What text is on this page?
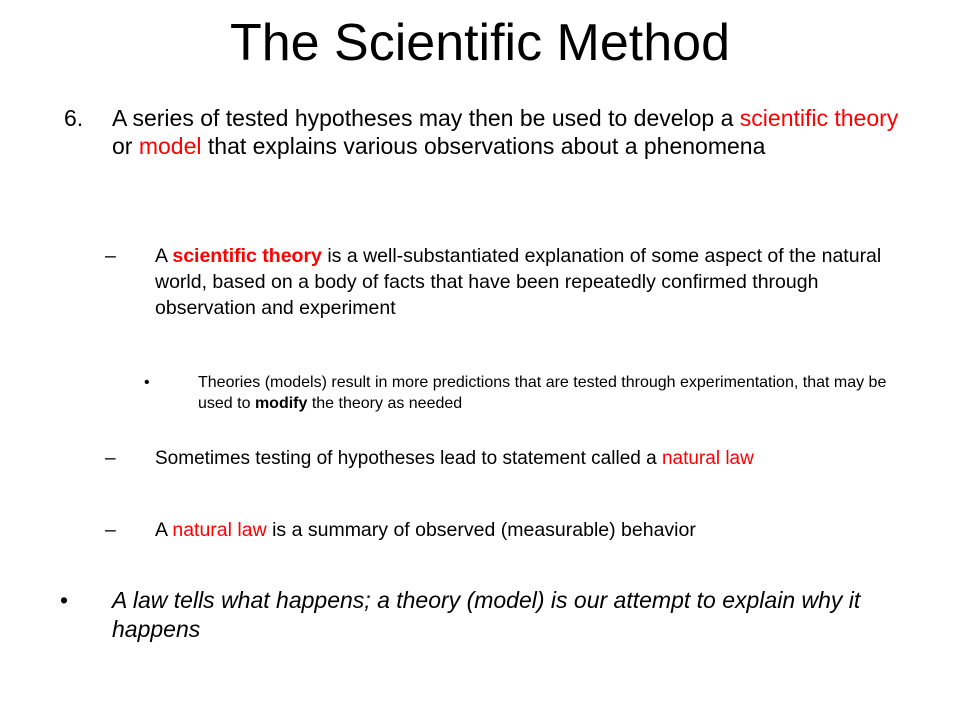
The Scientific Method
6. A series of tested hypotheses may then be used to develop a scientific theory or model that explains various observations about a phenomena
– A scientific theory is a well-substantiated explanation of some aspect of the natural world, based on a body of facts that have been repeatedly confirmed through observation and experiment
•	Theories (models) result in more predictions that are tested through experimentation, that may be used to modify the theory as needed
– Sometimes testing of hypotheses lead to statement called a natural law
– A natural law is a summary of observed (measurable) behavior
• A law tells what happens; a theory (model) is our attempt to explain why it happens
